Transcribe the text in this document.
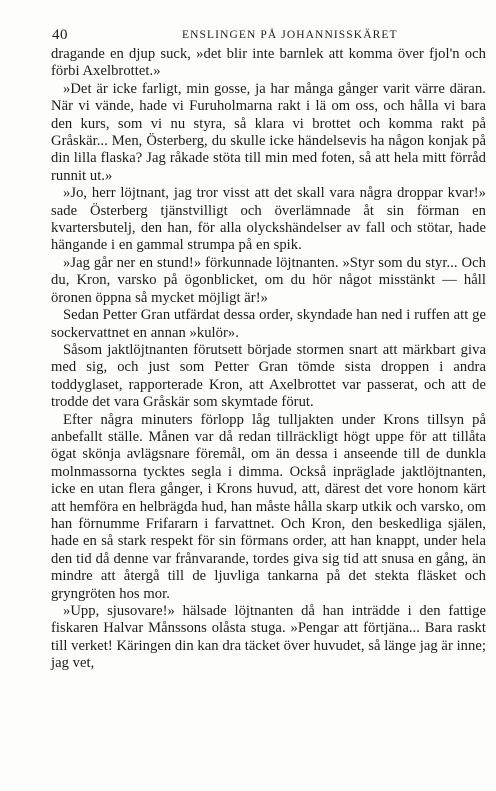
40	ENSLINGEN PÅ JOHANNISSKÄRET

dragande en djup suck, »det blir inte barnlek att komma över fjol'n och förbi Axelbrottet.»

»Det är icke farligt, min gosse, ja har många gånger varit värre däran. När vi vände, hade vi Furuholmarna rakt i lä om oss, och hålla vi bara den kurs, som vi nu styra, så klara vi brottet och komma rakt på Gråskär... Men, Österberg, du skulle icke händelsevis ha någon konjak på din lilla flaska? Jag råkade stöta till min med foten, så att hela mitt förråd runnit ut.»

»Jo, herr löjtnant, jag tror visst att det skall vara några droppar kvar!» sade Österberg tjänstvilligt och överlämnade åt sin förman en kvartersbutelj, den han, för alla olyckshändelser av fall och stötar, hade hängande i en gammal strumpa på en spik.

»Jag går ner en stund!» förkunnade löjtnanten. »Styr som du styr... Och du, Kron, varsko på ögonblicket, om du hör något misstänkt — håll öronen öppna så mycket möjligt är!»

Sedan Petter Gran utfärdat dessa order, skyndade han ned i ruffen att ge sockervattnet en annan »kulör».

Såsom jaktlöjtnanten förutsett började stormen snart att märkbart giva med sig, och just som Petter Gran tömde sista droppen i andra toddyglaset, rapporterade Kron, att Axelbrottet var passerat, och att de trodde det vara Gråskär som skymtade förut.

Efter några minuters förlopp låg tulljakten under Krons tillsyn på anbefallt ställe. Månen var då redan tillräckligt högt uppe för att tillåta ögat skönja avlägsnare föremål, om än dessa i anseende till de dunkla molnmassorna tycktes segla i dimma. Också inpräglade jaktlöjtnanten, icke en utan flera gånger, i Krons huvud, att, därest det vore honom kärt att hemföra en helbrägda hud, han måste hålla skarp utkik och varsko, om han förnumme Frifararn i farvattnet. Och Kron, den beskedliga själen, hade en så stark respekt för sin förmans order, att han knappt, under hela den tid då denne var frånvarande, tordes giva sig tid att snusa en gång, än mindre att återgå till de ljuvliga tankarna på det stekta fläsket och gryngröten hos mor.

»Upp, sjusovare!» hälsade löjtnanten då han inträdde i den fattige fiskaren Halvar Månssons olåsta stuga. »Pengar att förtjäna... Bara raskt till verket! Käringen din kan dra täcket över huvudet, så länge jag är inne; jag vet,
